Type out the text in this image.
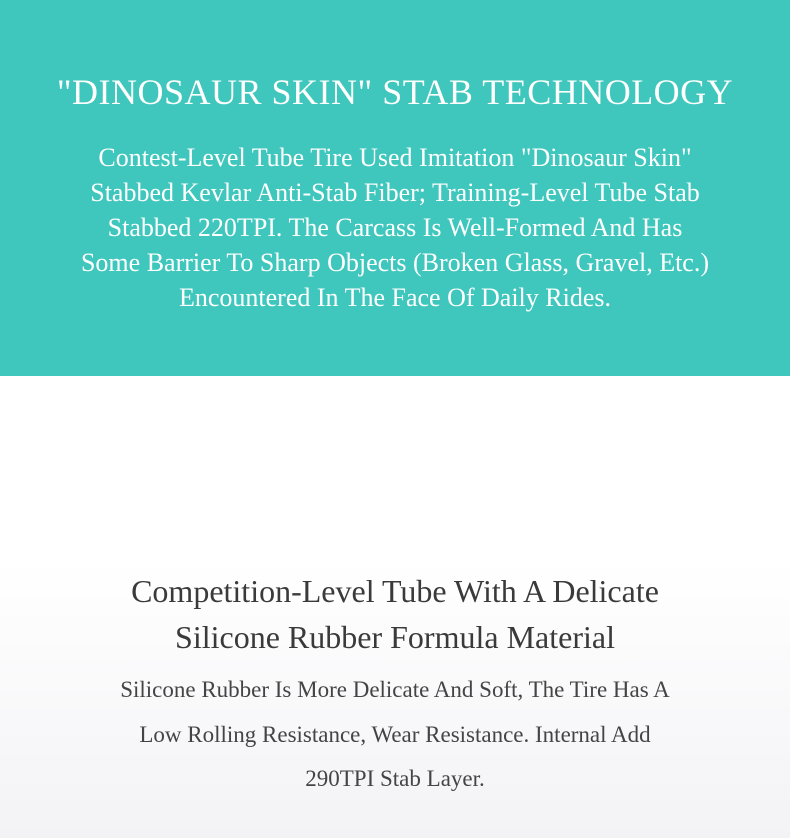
"DINOSAUR SKIN" STAB TECHNOLOGY

Contest-Level Tube Tire Used Imitation "Dinosaur Skin"
Stabbed Kevlar Anti-Stab Fiber; Training-Level Tube Stab
Stabbed 220TPI. The Carcass Is Well-Formed And Has
Some Barrier To Sharp Objects (Broken Glass, Gravel, Etc.)
Encountered In The Face Of Daily Rides.

Competition-Level Tube With A Delicate
Silicone Rubber Formula Material

Silicone Rubber Is More Delicate And Soft, The Tire Has A
Low Rolling Resistance, Wear Resistance. Internal Add
290TPI Stab Layer.
